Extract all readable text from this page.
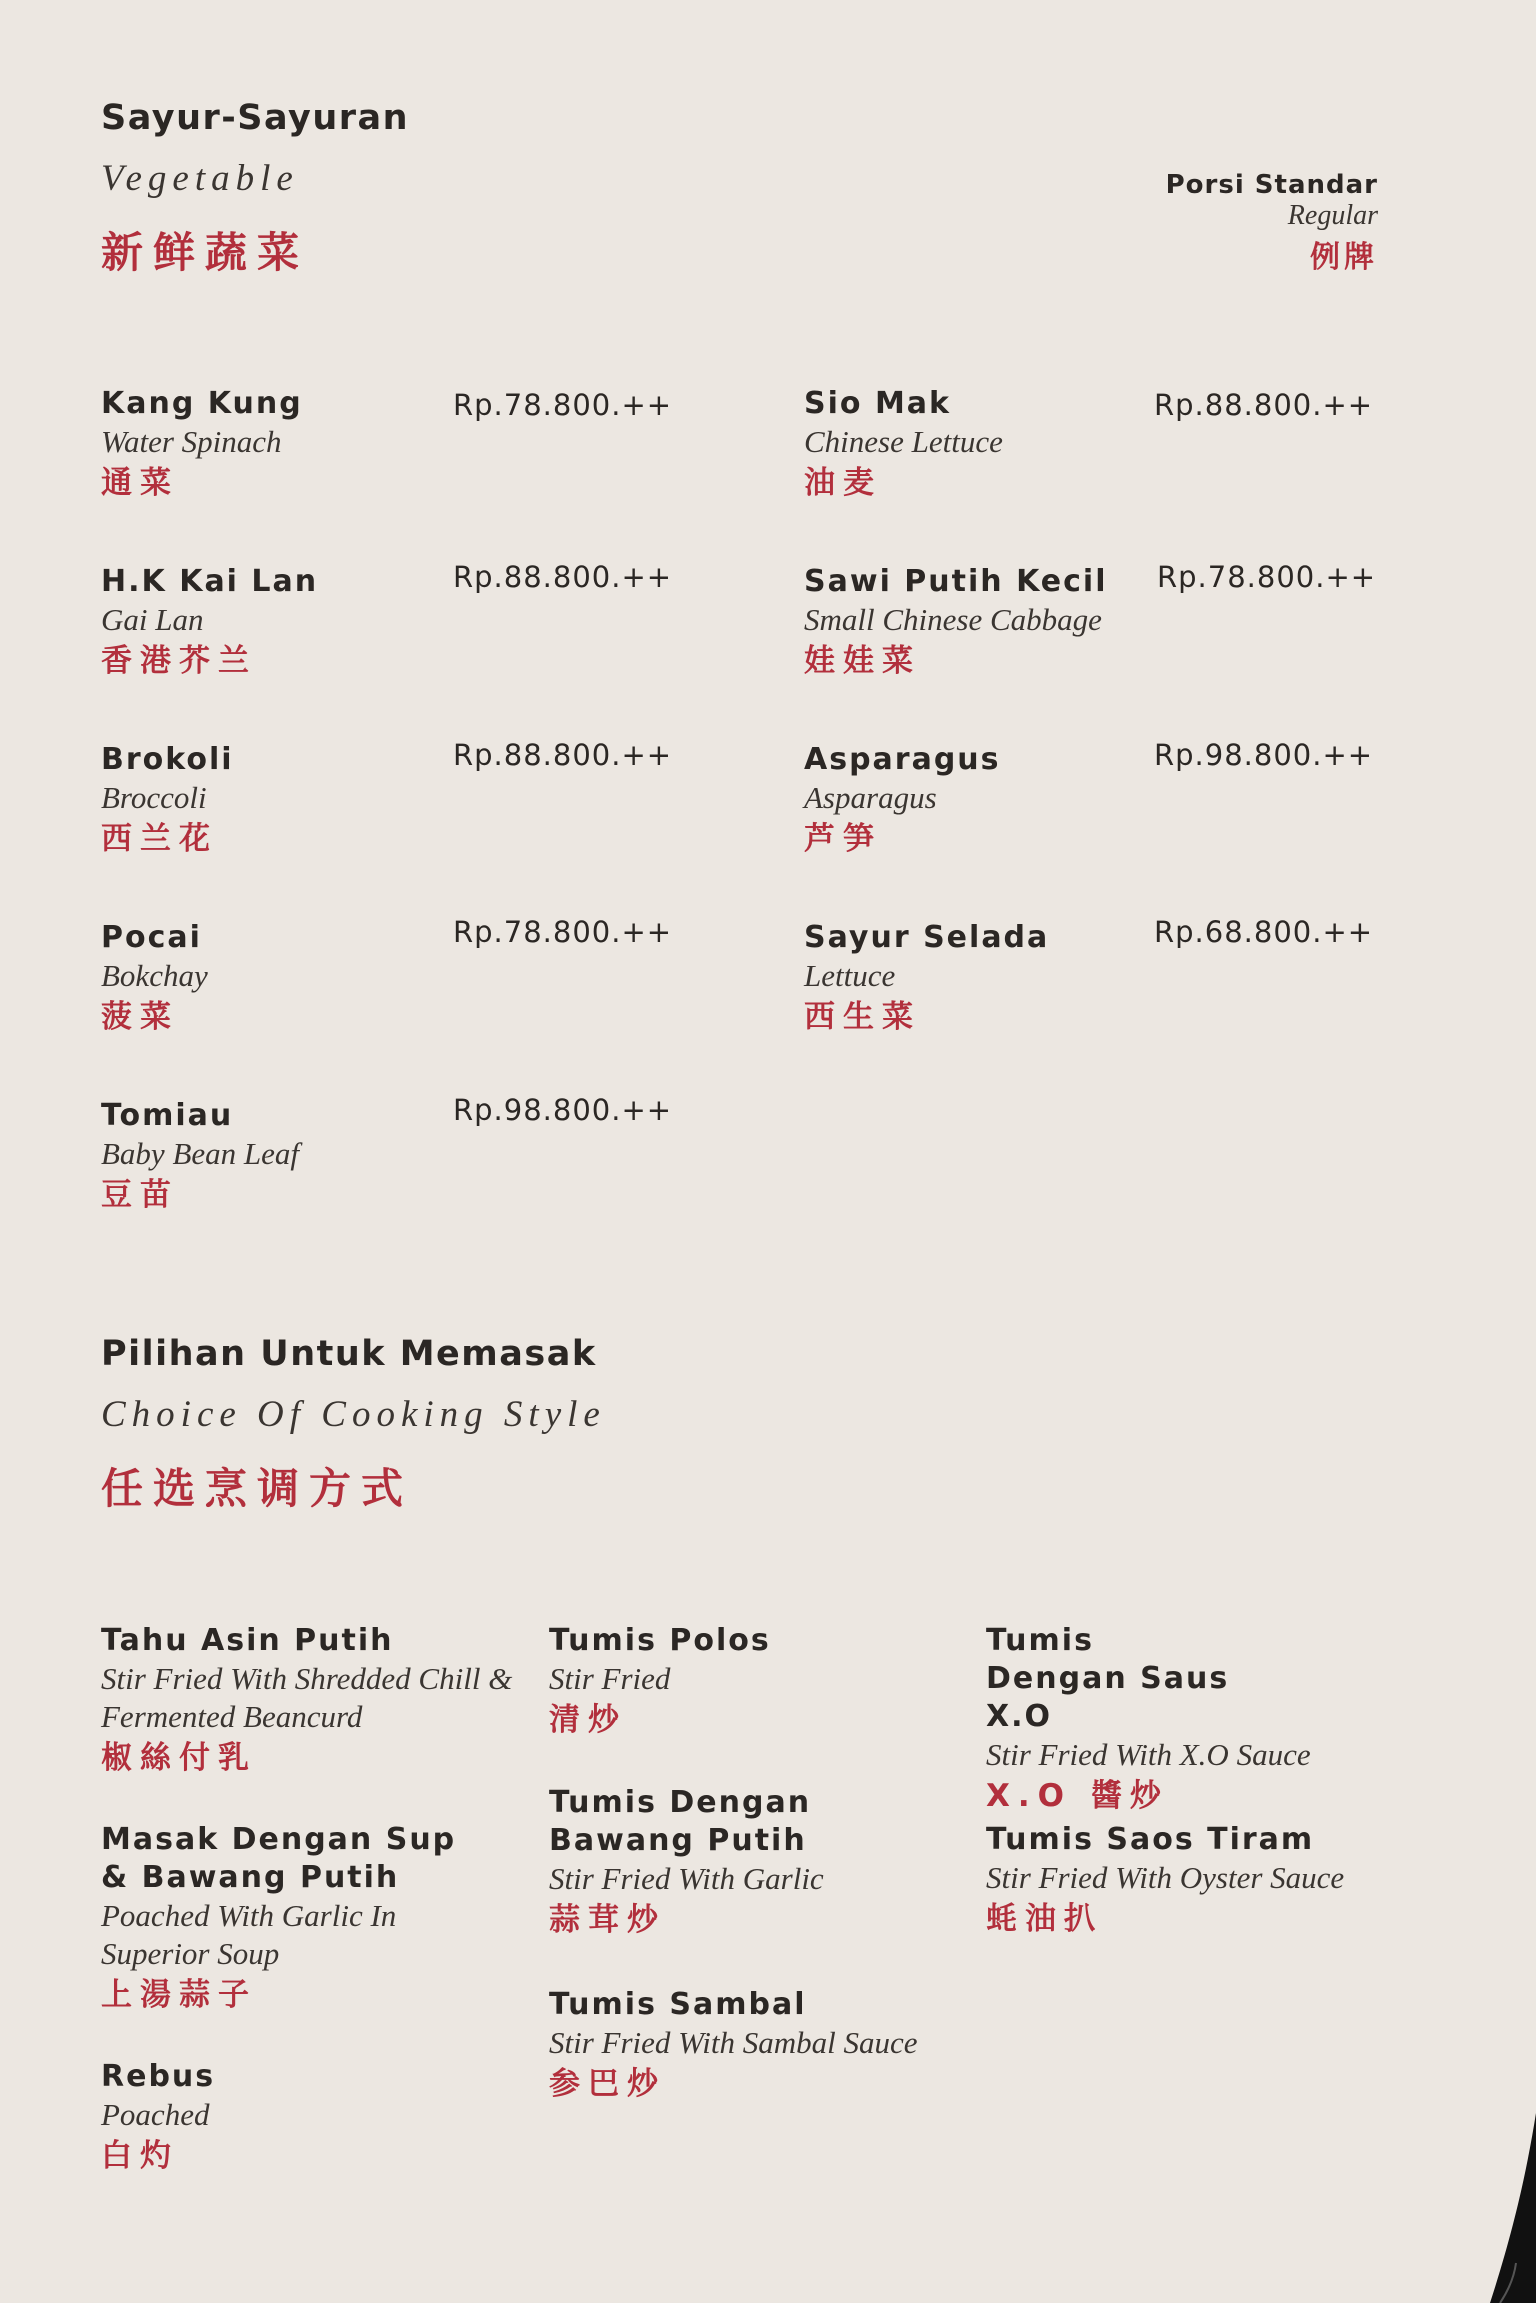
Sayur-Sayuran
Vegetable
新鲜蔬菜
Porsi Standar
Regular
例牌
Kang Kung
Water Spinach
通菜
Rp.78.800.++
H.K Kai Lan
Gai Lan
香港芥兰
Rp.88.800.++
Brokoli
Broccoli
西兰花
Rp.88.800.++
Pocai
Bokchay
菠菜
Rp.78.800.++
Tomiau
Baby Bean Leaf
豆苗
Rp.98.800.++
Sio Mak
Chinese Lettuce
油麦
Rp.88.800.++
Sawi Putih Kecil
Small Chinese Cabbage
娃娃菜
Rp.78.800.++
Asparagus
Asparagus
芦笋
Rp.98.800.++
Sayur Selada
Lettuce
西生菜
Rp.68.800.++
Pilihan Untuk Memasak
Choice Of Cooking Style
任选烹调方式
Tahu Asin Putih
Stir Fried With Shredded Chill & Fermented Beancurd
椒絲付乳
Masak Dengan Sup & Bawang Putih
Poached With Garlic In Superior Soup
上湯蒜子
Rebus
Poached
白灼
Tumis Polos
Stir Fried
清炒
Tumis Dengan Bawang Putih
Stir Fried With Garlic
蒜茸炒
Tumis Sambal
Stir Fried With Sambal Sauce
参巴炒
Tumis Dengan Saus X.O
Stir Fried With X.O Sauce
X.O 醬炒
Tumis Saos Tiram
Stir Fried With Oyster Sauce
蚝油扒
